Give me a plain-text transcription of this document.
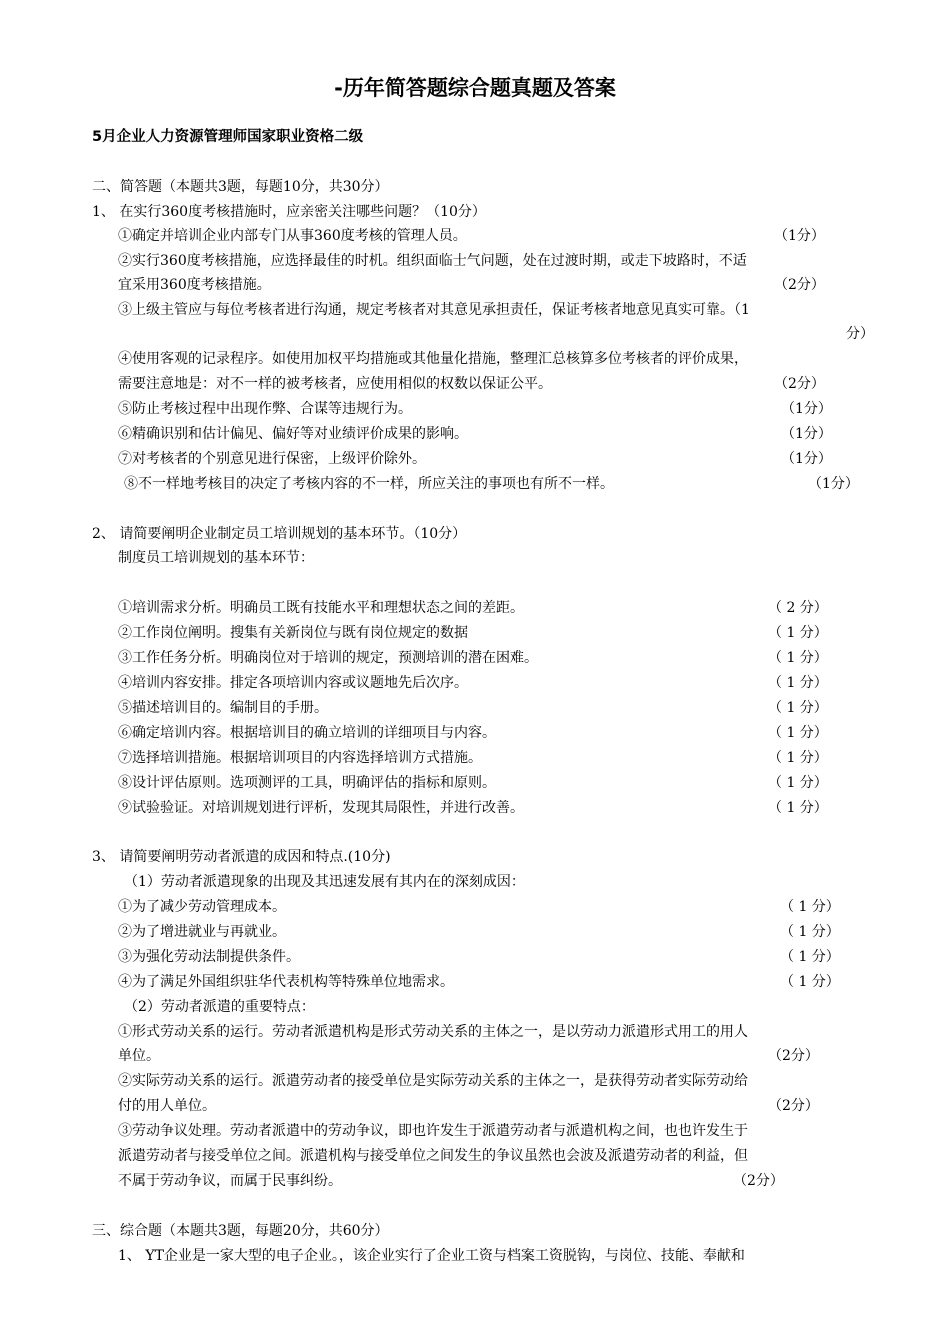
-历年简答题综合题真题及答案
5月企业人力资源管理师国家职业资格二级
二、简答题（本题共3题，每题10分，共30分）
1、 在实行360度考核措施时，应亲密关注哪些问题？（10分）
①确定并培训企业内部专门从事360度考核的管理人员。	（1分）
②实行360度考核措施，应选择最佳的时机。组织面临士气问题，处在过渡时期，或走下坡路时，不适
宜采用360度考核措施。	（2分）
③上级主管应与每位考核者进行沟通，规定考核者对其意见承担责任，保证考核者地意见真实可靠。（1
分）
④使用客观的记录程序。如使用加权平均措施或其他量化措施，整理汇总核算多位考核者的评价成果，
需要注意地是：对不一样的被考核者，应使用相似的权数以保证公平。	（2分）
⑤防止考核过程中出现作弊、合谋等违规行为。	（1分）
⑥精确识别和估计偏见、偏好等对业绩评价成果的影响。	（1分）
⑦对考核者的个别意见进行保密，上级评价除外。	（1分）
⑧不一样地考核目的决定了考核内容的不一样，所应关注的事项也有所不一样。	（1分）
2、 请简要阐明企业制定员工培训规划的基本环节。（10分）
制度员工培训规划的基本环节：
①培训需求分析。明确员工既有技能水平和理想状态之间的差距。	（ 2 分）
②工作岗位阐明。搜集有关新岗位与既有岗位规定的数据	（ 1 分）
③工作任务分析。明确岗位对于培训的规定，预测培训的潜在困难。	（ 1 分）
④培训内容安排。排定各项培训内容或议题地先后次序。	（ 1 分）
⑤描述培训目的。编制目的手册。	（ 1 分）
⑥确定培训内容。根据培训目的确立培训的详细项目与内容。	（ 1 分）
⑦选择培训措施。根据培训项目的内容选择培训方式措施。	（ 1 分）
⑧设计评估原则。选项测评的工具，明确评估的指标和原则。	（ 1 分）
⑨试验验证。对培训规划进行评析，发现其局限性，并进行改善。	（ 1 分）
3、 请简要阐明劳动者派遣的成因和特点.(10分)
（1）劳动者派遣现象的出现及其迅速发展有其内在的深刻成因：
①为了减少劳动管理成本。	（ 1 分）
②为了增进就业与再就业。	（ 1 分）
③为强化劳动法制提供条件。	（ 1 分）
④为了满足外国组织驻华代表机构等特殊单位地需求。	（ 1 分）
（2）劳动者派遣的重要特点：
①形式劳动关系的运行。劳动者派遣机构是形式劳动关系的主体之一，是以劳动力派遣形式用工的用人
单位。	（2分）
②实际劳动关系的运行。派遣劳动者的接受单位是实际劳动关系的主体之一，是获得劳动者实际劳动给
付的用人单位。	（2分）
③劳动争议处理。劳动者派遣中的劳动争议，即也许发生于派遣劳动者与派遣机构之间，也也许发生于
派遣劳动者与接受单位之间。派遣机构与接受单位之间发生的争议虽然也会波及派遣劳动者的利益，但
不属于劳动争议，而属于民事纠纷。	（2分）
三、综合题（本题共3题，每题20分，共60分）
1、 YT企业是一家大型的电子企业。，该企业实行了企业工资与档案工资脱钩，与岗位、技能、奉献和
